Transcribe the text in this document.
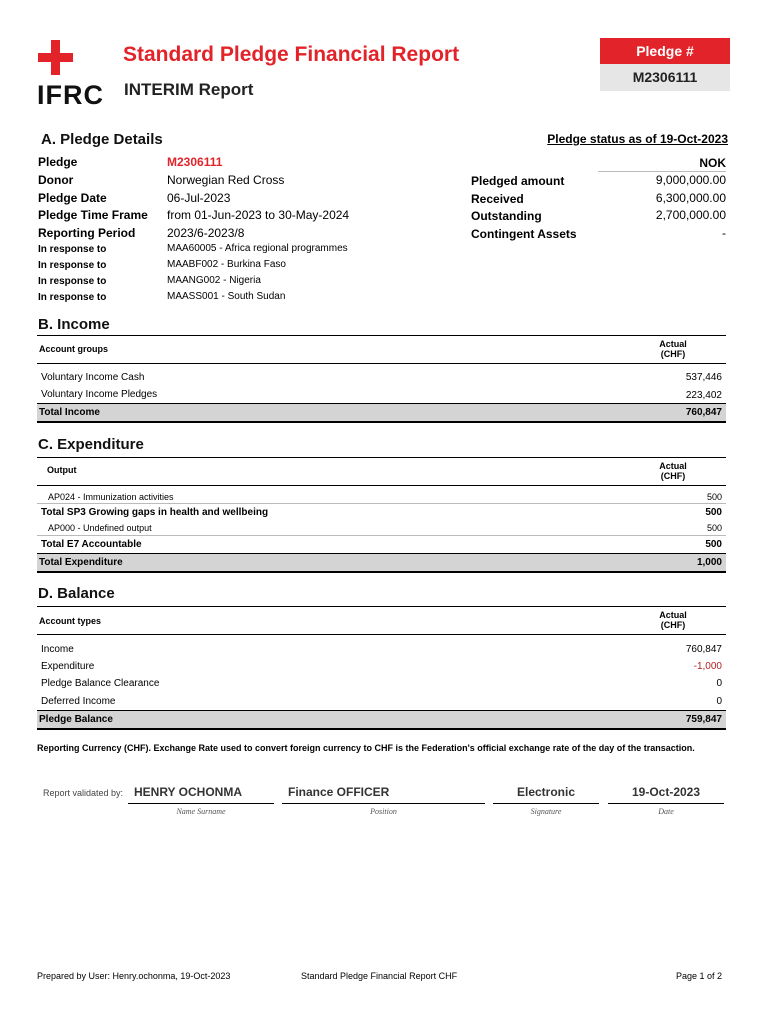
IFRC
Standard Pledge Financial Report
INTERIM Report
Pledge #
M2306111
A. Pledge Details	Pledge status as of 19-Oct-2023
Pledge	M2306111
Donor	Norwegian Red Cross
Pledge Date	06-Jul-2023
Pledge Time Frame from 01-Jun-2023 to 30-May-2024
Reporting Period	2023/6-2023/8
In response to	MAA60005 - Africa regional programmes
In response to	MAABF002 - Burkina Faso
In response to	MAANG002 - Nigeria
In response to	MAASS001 - South Sudan
NOK
Pledged amount	9,000,000.00
Received	6,300,000.00
Outstanding	2,700,000.00
Contingent Assets	-
B. Income
Account groups	Actual
(CHF)
Voluntary Income Cash	537,446
Voluntary Income Pledges	223,402
Total Income	760,847
C. Expenditure
Output	Actual
(CHF)
AP024 - Immunization activities	500
Total SP3 Growing gaps in health and wellbeing	500
AP000 - Undefined output	500
Total E7 Accountable	500
Total Expenditure	1,000
D. Balance
Account types
Actual
(CHF)
Income	760,847
Expenditure	-1,000
Pledge Balance Clearance	0
Deferred Income	0
Pledge Balance	759,847
Reporting Currency (CHF). Exchange Rate used to convert foreign currency to CHF is the Federation's official exchange rate of the day of the transaction.
Report validated by: HENRY OCHONMA	Finance OFFICER	Electronic	19-Oct-2023
Name Surname	Position	Signature	Date
Prepared by User: Henry.ochonma, 19-Oct-2023	Standard Pledge Financial Report CHF	Page 1 of 2
